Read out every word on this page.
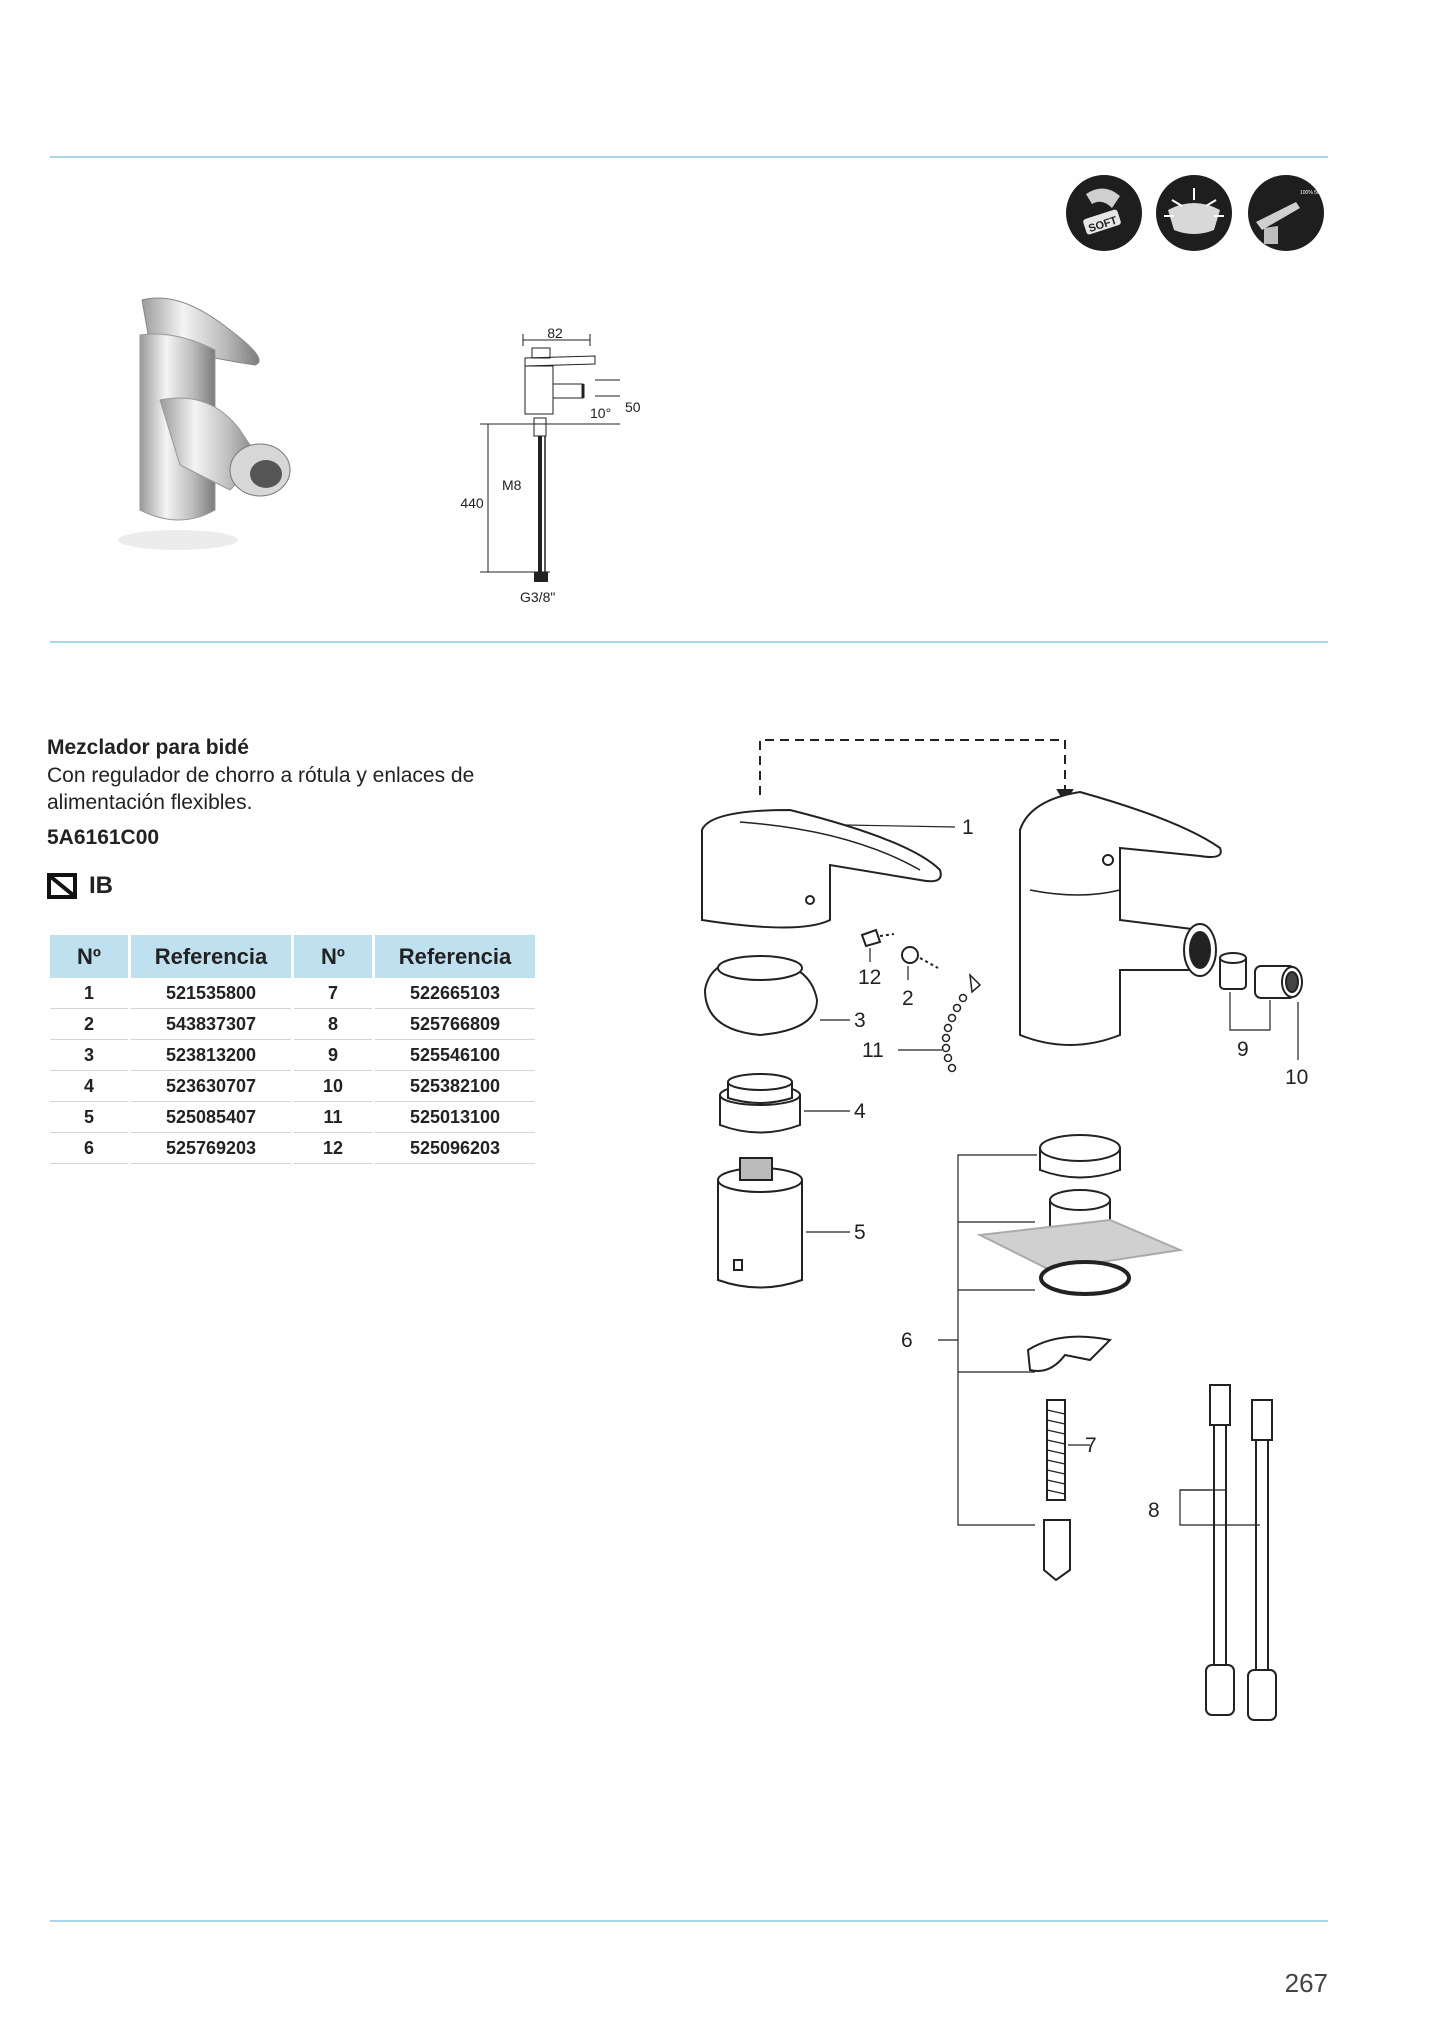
SOFT
100% 50% click 0%
82
50
10°
M8
440
G3/8"

Mezclador para bidé

Con regulador de chorro a rótula y enlaces de alimentación flexibles.

5A6161C00

IB
Nº	Referencia	Nº	Referencia
1	521535800	7	522665103
2	543837307	8	525766809
3	523813200	9	525546100
4	523630707	10	525382100
5	525085407	11	525013100
6	525769203	12	525096203
1
12
2
3
11	9
10
4
5
6
7
8
267
